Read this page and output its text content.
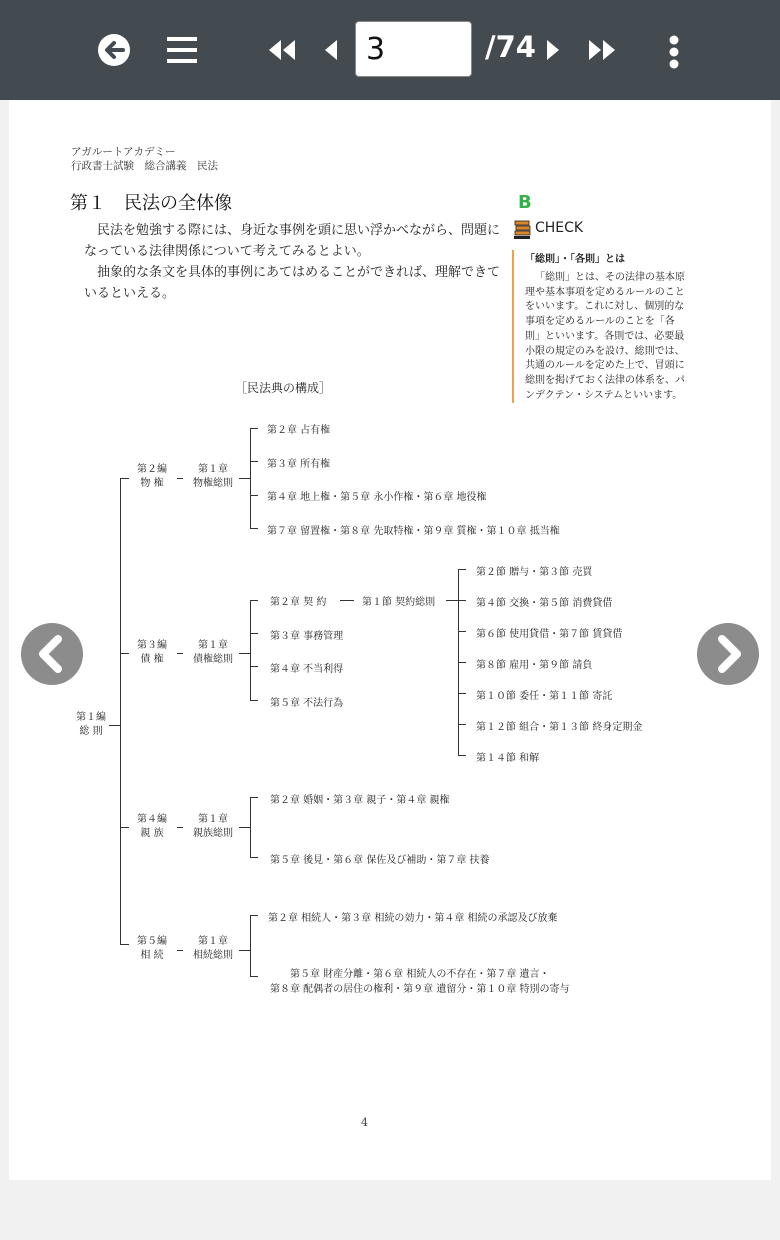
3
/74
アガルートアカデミー
行政書士試験　総合講義　民法
第１　民法の全体像

民法を勉強する際には、身近な事例を頭に思い浮かべながら、問題になっている法律関係について考えてみるとよい。

抽象的な条文を具体的事例にあてはめることができれば、理解できているといえる。

B
CHECK
「総則」・「各則」とは

「総則」とは、その法律の基本原理や基本事項を定めるルールのことをいいます。これに対し、個別的な事項を定めるルールのことを「各則」といいます。各則では、必要最小限の規定のみを設け、総則では、共通のルールを定めた上で、冒頭に総則を掲げておく法律の体系を、パンデクテン・システムといいます。

［民法典の構成］
第１編
総 則
第２編
物 権
第１章
物権総則
第２章 占有権
第３章 所有権
第４章 地上権・第５章 永小作権・第６章 地役権
第７章 留置権・第８章 先取特権・第９章 質権・第１０章 抵当権
第３編
債 権
第１章
債権総則
第２章 契 約	第１節 契約総則
第２節 贈与・第３節 売買
第４節 交換・第５節 消費貸借
第６節 使用貸借・第７節 賃貸借
第８節 雇用・第９節 請負
第１０節 委任・第１１節 寄託
第１２節 組合・第１３節 終身定期金
第１４節 和解
第３章 事務管理
第４章 不当利得
第５章 不法行為
第４編
親 族
第１章
親族総則
第２章 婚姻・第３章 親子・第４章 親権
第５章 後見・第６章 保佐及び補助・第７章 扶養
第５編
相 続
第１章
相続総則
第２章 相続人・第３章 相続の効力・第４章 相続の承認及び放棄
第５章 財産分離・第６章 相続人の不存在・第７章 遺言・
第８章 配偶者の居住の権利・第９章 遺留分・第１０章 特別の寄与
4
